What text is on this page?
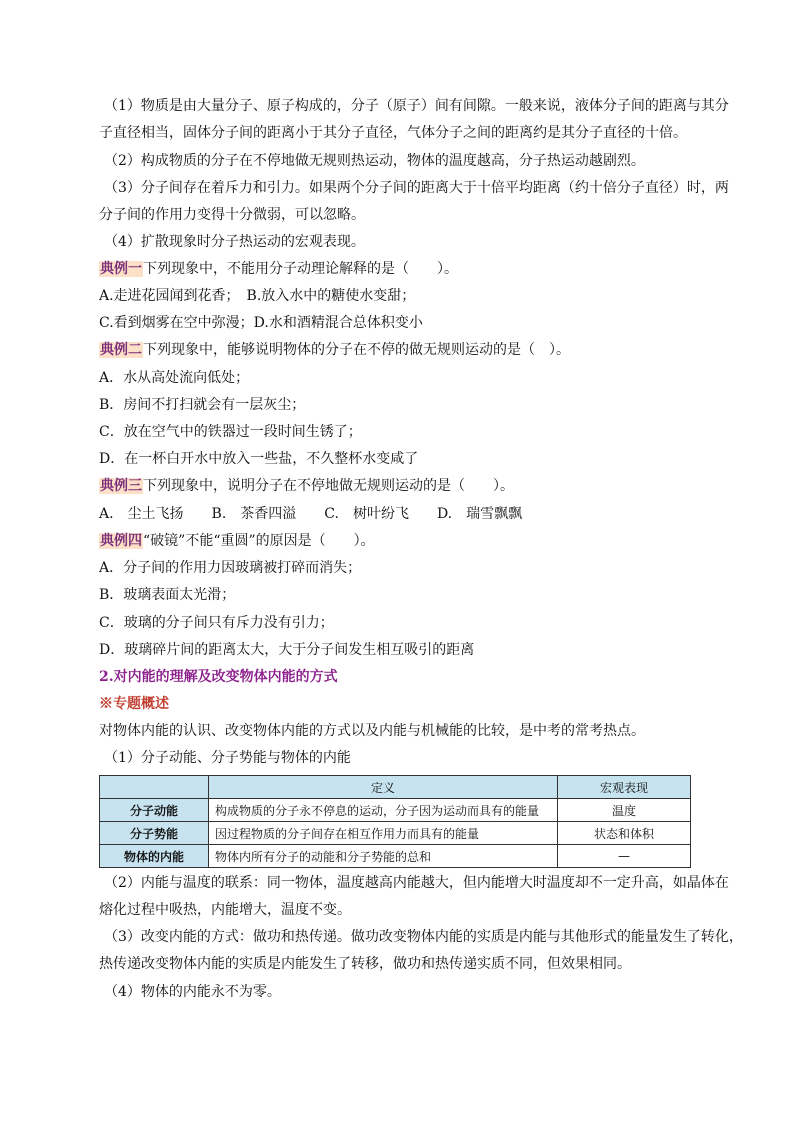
（1）物质是由大量分子、原子构成的，分子（原子）间有间隙。一般来说，液体分子间的距离与其分
子直径相当，固体分子间的距离小于其分子直径，气体分子之间的距离约是其分子直径的十倍。
（2）构成物质的分子在不停地做无规则热运动，物体的温度越高，分子热运动越剧烈。
（3）分子间存在着斥力和引力。如果两个分子间的距离大于十倍平均距离（约十倍分子直径）时，两
分子间的作用力变得十分微弱，可以忽略。
（4）扩散现象时分子热运动的宏观表现。
典例一下列现象中，不能用分子动理论解释的是（　　）。
A.走进花园闻到花香；　B.放入水中的糖使水变甜；
C.看到烟雾在空中弥漫；D.水和酒精混合总体积变小
典例二下列现象中，能够说明物体的分子在不停的做无规则运动的是（　）。
A．水从高处流向低处；
B．房间不打扫就会有一层灰尘；
C．放在空气中的铁器过一段时间生锈了；
D．在一杯白开水中放入一些盐，不久整杯水变咸了
典例三下列现象中，说明分子在不停地做无规则运动的是（　　）。
A.　尘土飞扬　　B.　茶香四溢　　C.　树叶纷飞　　D.　瑞雪飘飘
典例四“破镜”不能“重圆”的原因是（　　）。
A．分子间的作用力因玻璃被打碎而消失；
B．玻璃表面太光滑；
C．玻璃的分子间只有斥力没有引力；
D．玻璃碎片间的距离太大，大于分子间发生相互吸引的距离
2.对内能的理解及改变物体内能的方式
※专题概述
对物体内能的认识、改变物体内能的方式以及内能与机械能的比较，是中考的常考热点。
（1）分子动能、分子势能与物体的内能
	定义	宏观表现
分子动能	构成物质的分子永不停息的运动，分子因为运动而具有的能量	温度
分子势能	因过程物质的分子间存在相互作用力而具有的能量	状态和体积
物体的内能	物体内所有分子的动能和分子势能的总和	—
（2）内能与温度的联系：同一物体，温度越高内能越大，但内能增大时温度却不一定升高，如晶体在
熔化过程中吸热，内能增大，温度不变。
（3）改变内能的方式：做功和热传递。做功改变物体内能的实质是内能与其他形式的能量发生了转化，
热传递改变物体内能的实质是内能发生了转移，做功和热传递实质不同，但效果相同。
（4）物体的内能永不为零。
